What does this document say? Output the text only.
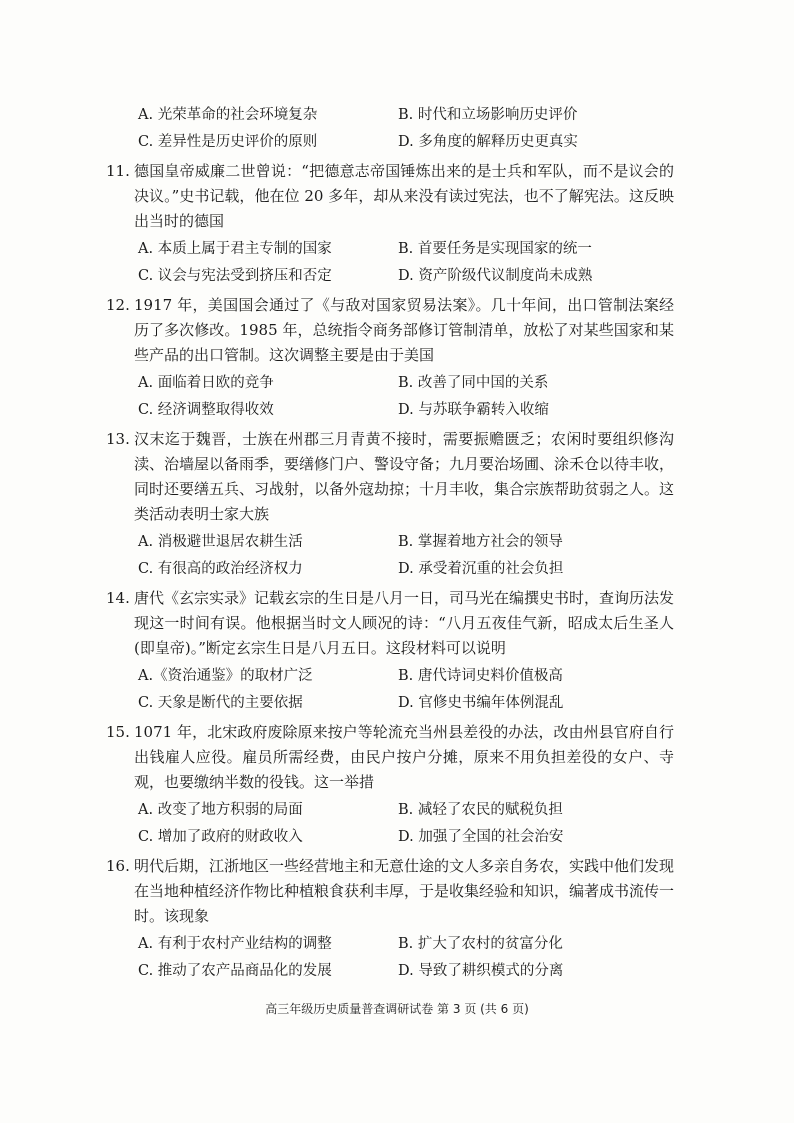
A. 光荣革命的社会环境复杂	B. 时代和立场影响历史评价
C. 差异性是历史评价的原则	D. 多角度的解释历史更真实
11. 德国皇帝威廉二世曾说：“把德意志帝国锤炼出来的是士兵和军队，而不是议会的决议。”史书记载，他在位 20 多年，却从来没有读过宪法，也不了解宪法。这反映出当时的德国
A. 本质上属于君主专制的国家	B. 首要任务是实现国家的统一
C. 议会与宪法受到挤压和否定	D. 资产阶级代议制度尚未成熟
12. 1917 年，美国国会通过了《与敌对国家贸易法案》。几十年间，出口管制法案经历了多次修改。1985 年，总统指令商务部修订管制清单，放松了对某些国家和某些产品的出口管制。这次调整主要是由于美国
A. 面临着日欧的竞争	B. 改善了同中国的关系
C. 经济调整取得收效	D. 与苏联争霸转入收缩
13. 汉末迄于魏晋，士族在州郡三月青黄不接时，需要振赡匮乏；农闲时要组织修沟渎、治墙屋以备雨季，要缮修门户、警设守备；九月要治场圃、涂禾仓以待丰收，同时还要缮五兵、习战射，以备外寇劫掠；十月丰收，集合宗族帮助贫弱之人。这类活动表明士家大族
A. 消极避世退居农耕生活	B. 掌握着地方社会的领导
C. 有很高的政治经济权力	D. 承受着沉重的社会负担
14. 唐代《玄宗实录》记载玄宗的生日是八月一日，司马光在编撰史书时，查询历法发现这一时间有误。他根据当时文人顾况的诗：“八月五夜佳气新，昭成太后生圣人(即皇帝)。”断定玄宗生日是八月五日。这段材料可以说明
A.《资治通鉴》的取材广泛	B. 唐代诗词史料价值极高
C. 天象是断代的主要依据	D. 官修史书编年体例混乱
15. 1071 年，北宋政府废除原来按户等轮流充当州县差役的办法，改由州县官府自行出钱雇人应役。雇员所需经费，由民户按户分摊，原来不用负担差役的女户、寺观，也要缴纳半数的役钱。这一举措
A. 改变了地方积弱的局面	B. 减轻了农民的赋税负担
C. 增加了政府的财政收入	D. 加强了全国的社会治安
16. 明代后期，江浙地区一些经营地主和无意仕途的文人多亲自务农，实践中他们发现在当地种植经济作物比种植粮食获利丰厚，于是收集经验和知识，编著成书流传一时。该现象
A. 有利于农村产业结构的调整	B. 扩大了农村的贫富分化
C. 推动了农产品商品化的发展	D. 导致了耕织模式的分离
高三年级历史质量普查调研试卷 第 3 页 (共 6 页)
